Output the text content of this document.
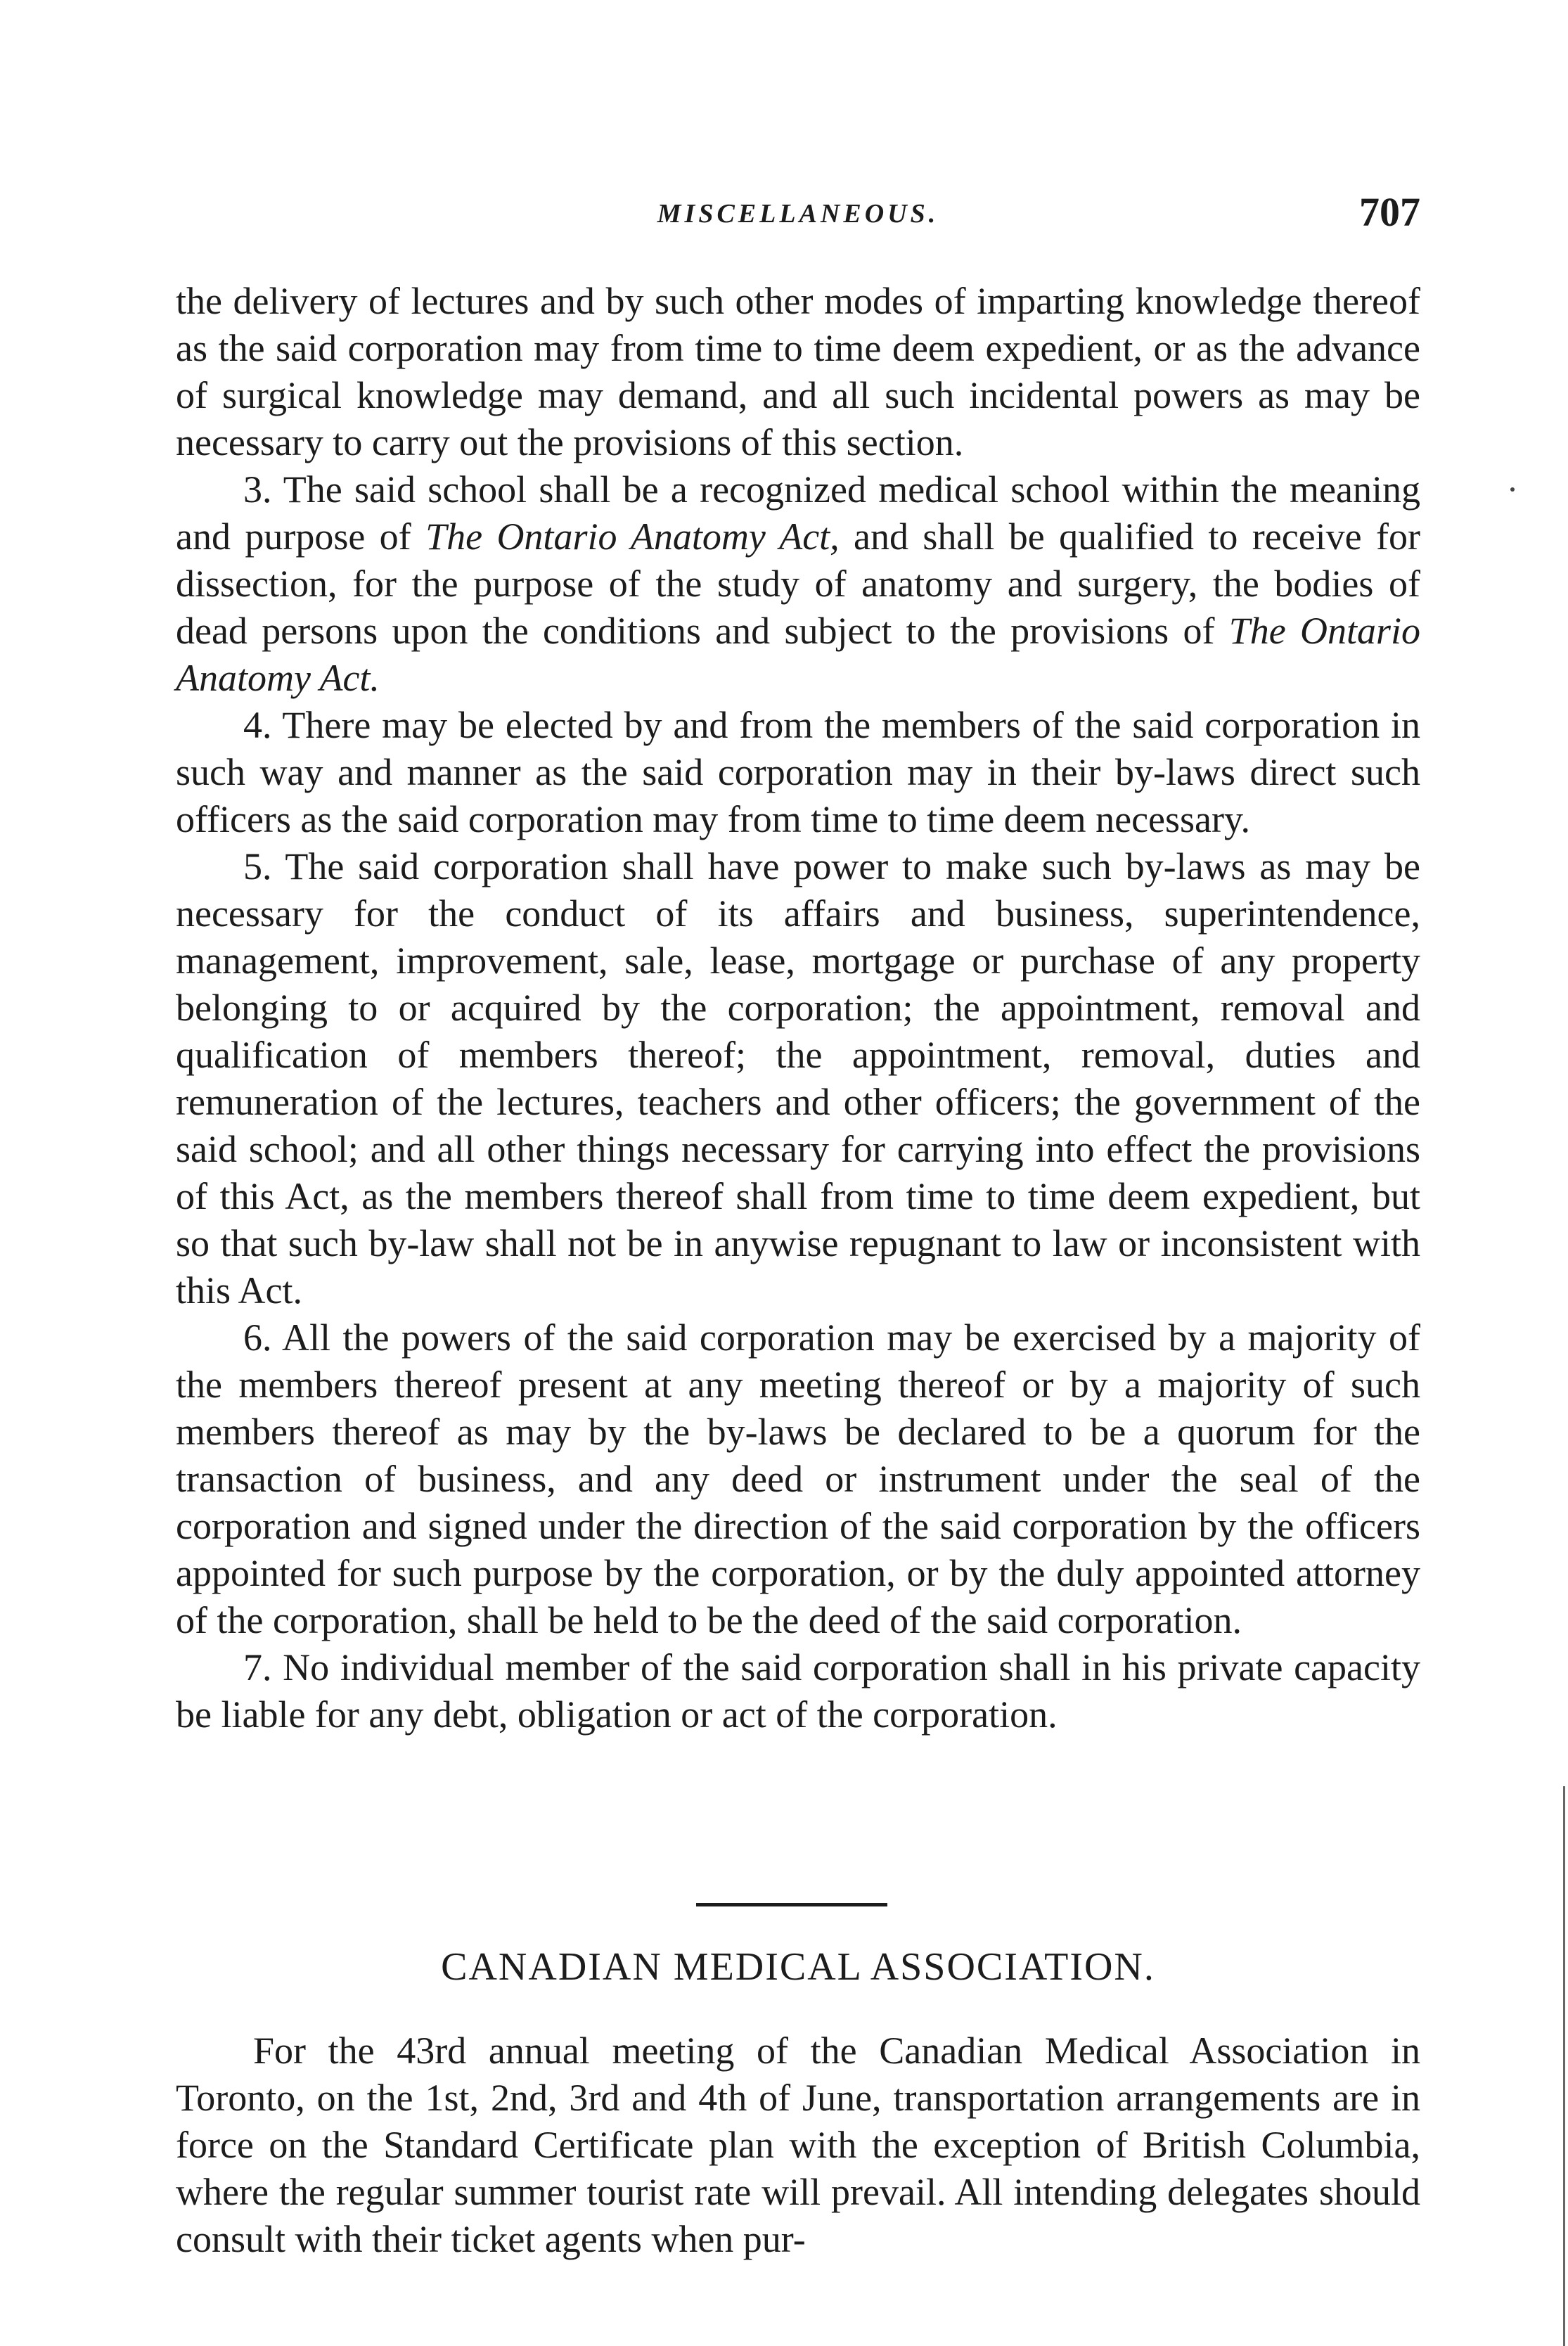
MISCELLANEOUS.	707

the delivery of lectures and by such other modes of imparting knowledge thereof as the said corporation may from time to time deem expedient, or as the advance of surgical knowledge may demand, and all such incidental powers as may be necessary to carry out the provisions of this section.

3. The said school shall be a recognized medical school within the meaning and purpose of The Ontario Anatomy Act, and shall be qualified to receive for dissection, for the purpose of the study of anatomy and surgery, the bodies of dead persons upon the conditions and subject to the provisions of The Ontario Anatomy Act.

4. There may be elected by and from the members of the said corporation in such way and manner as the said corporation may in their by-laws direct such officers as the said corporation may from time to time deem necessary.

5. The said corporation shall have power to make such by-laws as may be necessary for the conduct of its affairs and business, superintendence, management, improvement, sale, lease, mortgage or purchase of any property belonging to or acquired by the corporation; the appointment, removal and qualification of members thereof; the appointment, removal, duties and remuneration of the lectures, teachers and other officers; the government of the said school; and all other things necessary for carrying into effect the provisions of this Act, as the members thereof shall from time to time deem expedient, but so that such by-law shall not be in anywise repugnant to law or inconsistent with this Act.

6. All the powers of the said corporation may be exercised by a majority of the members thereof present at any meeting thereof or by a majority of such members thereof as may by the by-laws be declared to be a quorum for the transaction of business, and any deed or instrument under the seal of the corporation and signed under the direction of the said corporation by the officers appointed for such purpose by the corporation, or by the duly appointed attorney of the corporation, shall be held to be the deed of the said corporation.

7. No individual member of the said corporation shall in his private capacity be liable for any debt, obligation or act of the corporation.

CANADIAN MEDICAL ASSOCIATION.

For the 43rd annual meeting of the Canadian Medical Association in Toronto, on the 1st, 2nd, 3rd and 4th of June, transportation arrangements are in force on the Standard Certificate plan with the exception of British Columbia, where the regular summer tourist rate will prevail. All intending delegates should consult with their ticket agents when pur-
